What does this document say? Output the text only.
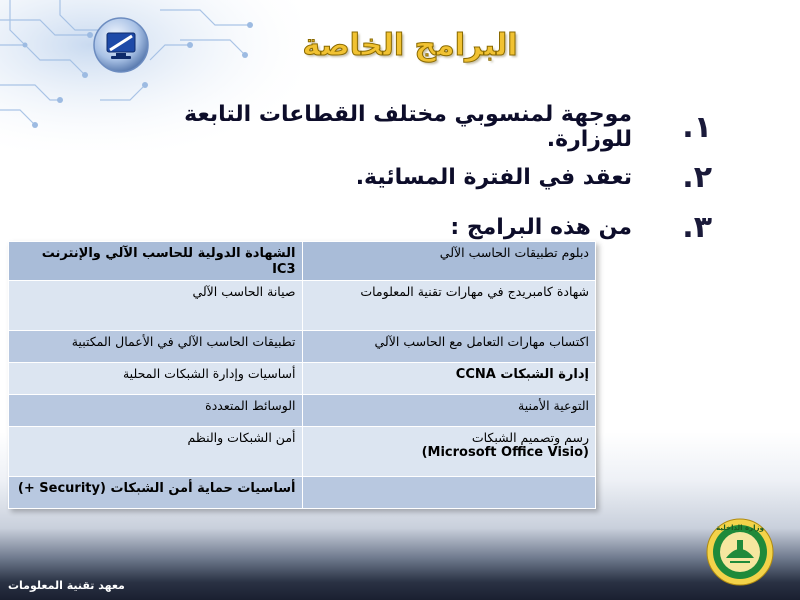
البرامج الخاصة
١.
موجهة لمنسوبي مختلف القطاعات التابعة للوزارة.
٢.
تعقد في الفترة المسائية.
٣.
من هذه البرامج :
دبلوم تطبيقات الحاسب الآلي	الشهادة الدولية للحاسب الآلي والإنترنت IC3
شهادة كامبريدج في مهارات تقنية المعلومات	صيانة الحاسب الآلي
اكتساب مهارات التعامل مع الحاسب الآلي	تطبيقات الحاسب الآلي في الأعمال المكتبية
إدارة الشبكات CCNA	أساسيات وإدارة الشبكات المحلية
التوعية الأمنية	الوسائط المتعددة

رسم وتصميم الشبكات
(Microsoft Office Visio)	أمن الشبكات والنظم
	أساسيات حماية أمن الشبكات (Security +)
وزارة الداخلية
معهد تقنية المعلومات
